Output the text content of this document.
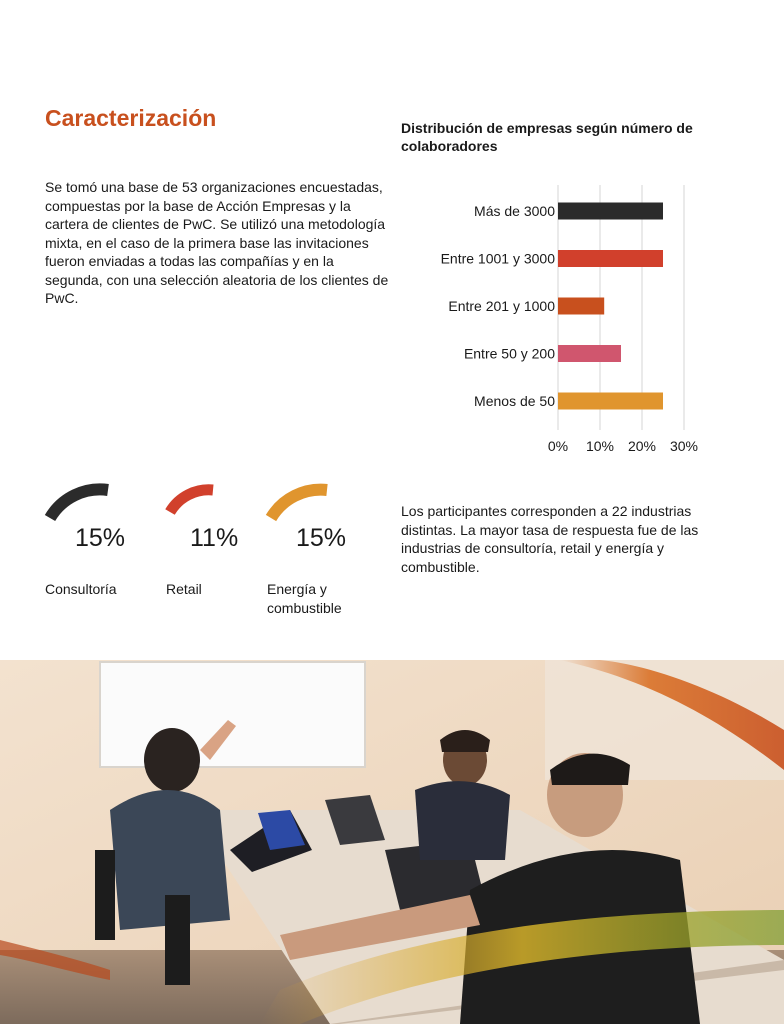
Caracterización
Se tomó una base de 53 organizaciones encuestadas, compuestas por la base de Acción Empresas y la cartera de clientes de PwC. Se utilizó una metodología mixta, en el caso de la primera base las invitaciones fueron enviadas a todas las compañías y en la segunda, con una selección aleatoria de los clientes de PwC.
Distribución de empresas según número de colaboradores
0% 10% 20% 30%
Más de 3000
Entre 1001 y 3000
Entre 201 y 1000
Entre 50 y 200
Menos de 50
15%	11% 15%
Consultoría	Retail	Energía y combustible
Los participantes corresponden a 22 industrias distintas. La mayor tasa de respuesta fue de las industrias de consultoría, retail y energía y combustible.
